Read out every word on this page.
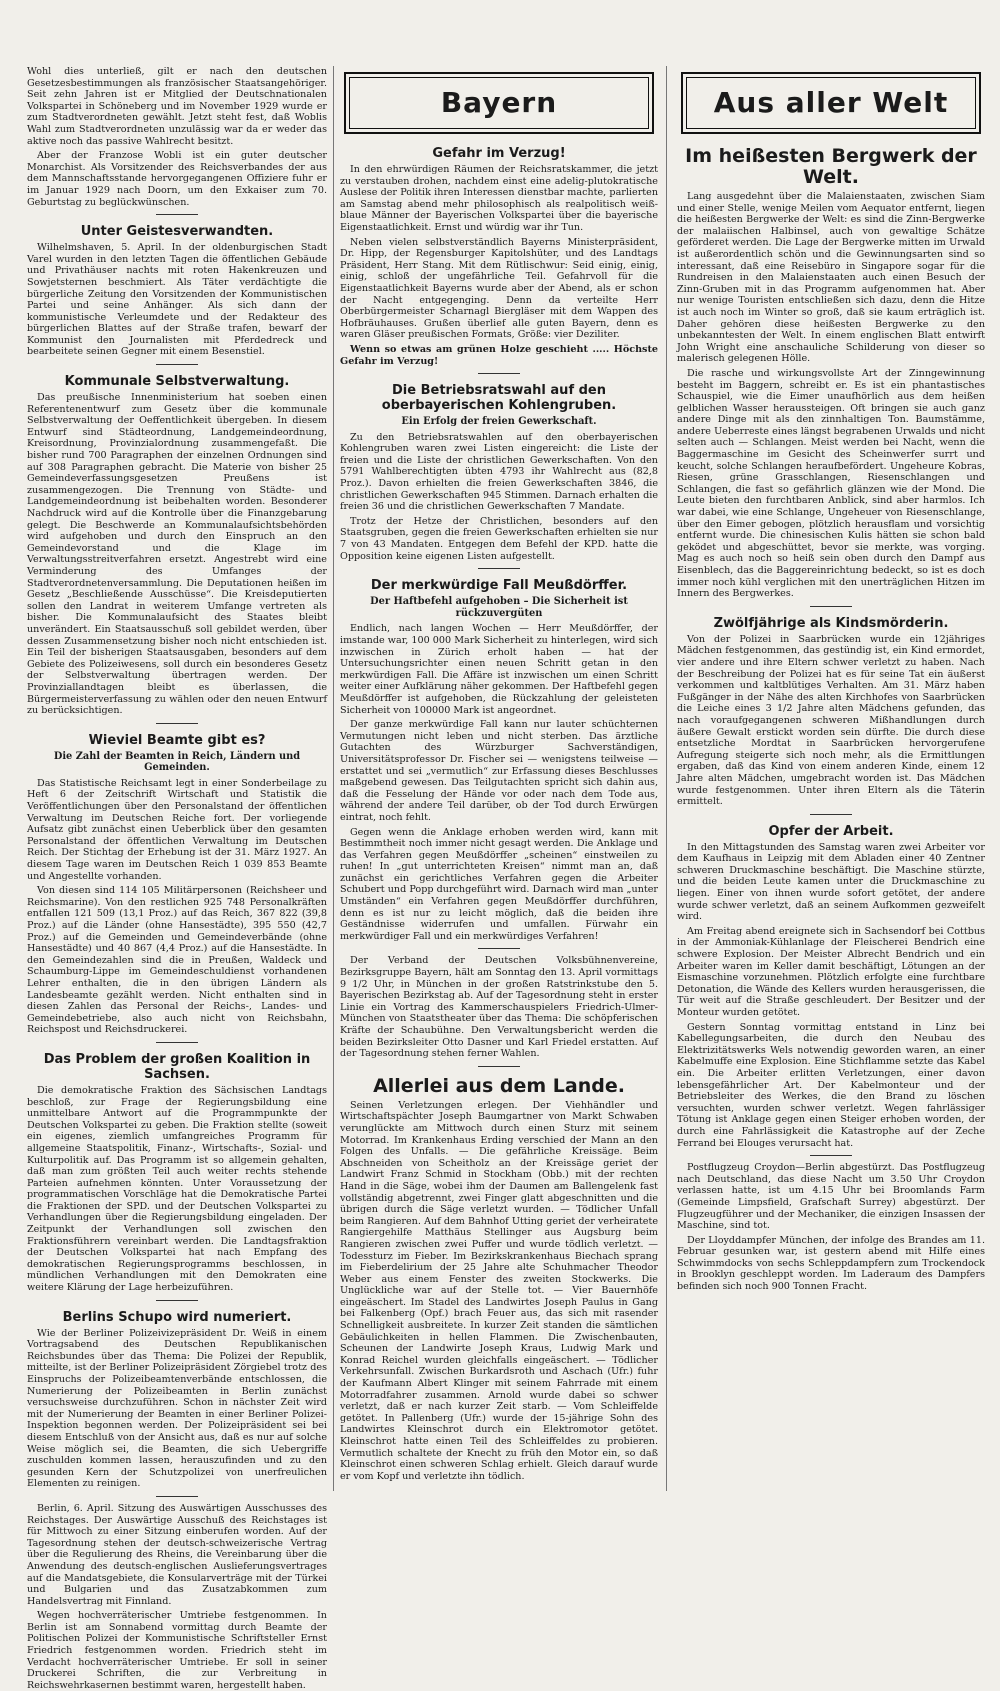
Wohl dies unterließ, gilt er nach den deutschen Gesetzesbestimmungen als französischer Staatsangehöriger. Seit zehn Jahren ist er Mitglied der Deutschnationalen Volkspartei in Schöneberg und im November 1929 wurde er zum Stadtverordneten gewählt. Jetzt steht fest, daß Woblis Wahl zum Stadtverordneten unzulässig war da er weder das aktive noch das passive Wahlrecht besitzt.

Aber der Franzose Wobli ist ein guter deutscher Monarchist. Als Vorsitzender des Reichsverbandes der aus dem Mannschaftsstande hervorgegangenen Offiziere fuhr er im Januar 1929 nach Doorn, um den Exkaiser zum 70. Geburtstag zu beglückwünschen.

Unter Geistesverwandten.

Wilhelmshaven, 5. April. In der oldenburgischen Stadt Varel wurden in den letzten Tagen die öffentlichen Gebäude und Privathäuser nachts mit roten Hakenkreuzen und Sowjetsternen beschmiert. Als Täter verdächtigte die bürgerliche Zeitung den Vorsitzenden der Kommunistischen Partei und seine Anhänger. Als sich dann der kommunistische Verleumdete und der Redakteur des bürgerlichen Blattes auf der Straße trafen, bewarf der Kommunist den Journalisten mit Pferdedreck und bearbeitete seinen Gegner mit einem Besenstiel.

Kommunale Selbstverwaltung.

Das preußische Innenministerium hat soeben einen Referentenentwurf zum Gesetz über die kommunale Selbstverwaltung der Oeffentlichkeit übergeben. In diesem Entwurf sind Städteordnung, Landgemeindeordnung, Kreisordnung, Provinzialordnung zusammengefaßt. Die bisher rund 700 Paragraphen der einzelnen Ordnungen sind auf 308 Paragraphen gebracht. Die Materie von bisher 25 Gemeindeverfassungsgesetzen Preußens ist zusammengezogen. Die Trennung von Städte- und Landgemeindeordnung ist beibehalten worden. Besonderer Nachdruck wird auf die Kontrolle über die Finanzgebarung gelegt. Die Beschwerde an Kommunalaufsichtsbehörden wird aufgehoben und durch den Einspruch an den Gemeindevorstand und die Klage im Verwaltungsstreitverfahren ersetzt. Angestrebt wird eine Verminderung des Umfanges der Stadtverordnetenversammlung. Die Deputationen heißen im Gesetz „Beschließende Ausschüsse“. Die Kreisdeputierten sollen den Landrat in weiterem Umfange vertreten als bisher. Die Kommunalaufsicht des Staates bleibt unverändert. Ein Staatsausschuß soll gebildet werden, über dessen Zusammensetzung bisher noch nicht entschieden ist. Ein Teil der bisherigen Staatsausgaben, besonders auf dem Gebiete des Polizeiwesens, soll durch ein besonderes Gesetz der Selbstverwaltung übertragen werden. Der Provinziallandtagen bleibt es überlassen, die Bürgermeisterverfassung zu wählen oder den neuen Entwurf zu berücksichtigen.

Wieviel Beamte gibt es?
Die Zahl der Beamten in Reich, Ländern und Gemeinden.

Das Statistische Reichsamt legt in einer Sonderbeilage zu Heft 6 der Zeitschrift Wirtschaft und Statistik die Veröffentlichungen über den Personalstand der öffentlichen Verwaltung im Deutschen Reiche fort. Der vorliegende Aufsatz gibt zunächst einen Ueberblick über den gesamten Personalstand der öffentlichen Verwaltung im Deutschen Reich. Der Stichtag der Erhebung ist der 31. März 1927. An diesem Tage waren im Deutschen Reich 1 039 853 Beamte und Angestellte vorhanden.

Von diesen sind 114 105 Militärpersonen (Reichsheer und Reichsmarine). Von den restlichen 925 748 Personalkräften entfallen 121 509 (13,1 Proz.) auf das Reich, 367 822 (39,8 Proz.) auf die Länder (ohne Hansestädte), 395 550 (42,7 Proz.) auf die Gemeinden und Gemeindeverbände (ohne Hansestädte) und 40 867 (4,4 Proz.) auf die Hansestädte. In den Gemeindezahlen sind die in Preußen, Waldeck und Schaumburg-Lippe im Gemeindeschuldienst vorhandenen Lehrer enthalten, die in den übrigen Ländern als Landesbeamte gezählt werden. Nicht enthalten sind in diesen Zahlen das Personal der Reichs-, Landes- und Gemeindebetriebe, also auch nicht von Reichsbahn, Reichspost und Reichsdruckerei.

Das Problem der großen Koalition in Sachsen.

Die demokratische Fraktion des Sächsischen Landtags beschloß, zur Frage der Regierungsbildung eine unmittelbare Antwort auf die Programmpunkte der Deutschen Volkspartei zu geben. Die Fraktion stellte (soweit ein eigenes, ziemlich umfangreiches Programm für allgemeine Staatspolitik, Finanz-, Wirtschafts-, Sozial- und Kulturpolitik auf. Das Programm ist so allgemein gehalten, daß man zum größten Teil auch weiter rechts stehende Parteien aufnehmen könnten. Unter Voraussetzung der programmatischen Vorschläge hat die Demokratische Partei die Fraktionen der SPD. und der Deutschen Volkspartei zu Verhandlungen über die Regierungsbildung eingeladen. Der Zeitpunkt der Verhandlungen soll zwischen den Fraktionsführern vereinbart werden. Die Landtagsfraktion der Deutschen Volkspartei hat nach Empfang des demokratischen Regierungsprogramms beschlossen, in mündlichen Verhandlungen mit den Demokraten eine weitere Klärung der Lage herbeizuführen.

Berlins Schupo wird numeriert.

Wie der Berliner Polizeivizepräsident Dr. Weiß in einem Vortragsabend des Deutschen Republikanischen Reichsbundes über das Thema: Die Polizei der Republik, mitteilte, ist der Berliner Polizeipräsident Zörgiebel trotz des Einspruchs der Polizeibeamtenverbände entschlossen, die Numerierung der Polizeibeamten in Berlin zunächst versuchsweise durchzuführen. Schon in nächster Zeit wird mit der Numerierung der Beamten in einer Berliner Polizei-Inspektion begonnen werden. Der Polizeipräsident sei bei diesem Entschluß von der Ansicht aus, daß es nur auf solche Weise möglich sei, die Beamten, die sich Uebergriffe zuschulden kommen lassen, herauszufinden und zu den gesunden Kern der Schutzpolizei von unerfreulichen Elementen zu reinigen.

Berlin, 6. April. Sitzung des Auswärtigen Ausschusses des Reichstages. Der Auswärtige Ausschuß des Reichstages ist für Mittwoch zu einer Sitzung einberufen worden. Auf der Tagesordnung stehen der deutsch-schweizerische Vertrag über die Regulierung des Rheins, die Vereinbarung über die Anwendung des deutsch-englischen Auslieferungsvertrages auf die Mandatsgebiete, die Konsularverträge mit der Türkei und Bulgarien und das Zusatzabkommen zum Handelsvertrag mit Finnland.

Wegen hochverräterischer Umtriebe festgenommen. In Berlin ist am Sonnabend vormittag durch Beamte der Politischen Polizei der Kommunistische Schriftsteller Ernst Friedrich festgenommen worden. Friedrich steht im Verdacht hochverräterischer Umtriebe. Er soll in seiner Druckerei Schriften, die zur Verbreitung in Reichswehrkasernen bestimmt waren, hergestellt haben.

Bayern
Gefahr im Verzug!

In den ehrwürdigen Räumen der Reichsratskammer, die jetzt zu verstauben drohen, nachdem einst eine adelig-plutokratische Auslese der Politik ihren Interessen dienstbar machte, parlierten am Samstag abend mehr philosophisch als realpolitisch weiß-blaue Männer der Bayerischen Volkspartei über die bayerische Eigenstaatlichkeit. Ernst und würdig war ihr Tun.

Neben vielen selbstverständlich Bayerns Ministerpräsident, Dr. Hipp, der Regensburger Kapitolshüter, und des Landtags Präsident, Herr Stang. Mit dem Rütlischwur: Seid einig, einig, einig, schloß der ungefährliche Teil. Gefahrvoll für die Eigenstaatlichkeit Bayerns wurde aber der Abend, als er schon der Nacht entgegenging. Denn da verteilte Herr Oberbürgermeister Scharnagl Biergläser mit dem Wappen des Hofbräuhauses. Grußen überlief alle guten Bayern, denn es waren Gläser preußischen Formats, Größe: vier Deziliter.

Wenn so etwas am grünen Holze geschieht ..... Höchste Gefahr im Verzug!

Die Betriebsratswahl auf den oberbayerischen Kohlengruben.
Ein Erfolg der freien Gewerkschaft.

Zu den Betriebsratswahlen auf den oberbayerischen Kohlengruben waren zwei Listen eingereicht: die Liste der freien und die Liste der christlichen Gewerkschaften. Von den 5791 Wahlberechtigten übten 4793 ihr Wahlrecht aus (82,8 Proz.). Davon erhielten die freien Gewerkschaften 3846, die christlichen Gewerkschaften 945 Stimmen. Darnach erhalten die freien 36 und die christlichen Gewerkschaften 7 Mandate.

Trotz der Hetze der Christlichen, besonders auf den Staatsgruben, gegen die freien Gewerkschaften erhielten sie nur 7 von 43 Mandaten. Entgegen dem Befehl der KPD. hatte die Opposition keine eigenen Listen aufgestellt.

Der merkwürdige Fall Meußdörffer.
Der Haftbefehl aufgehoben – Die Sicherheit ist rückzuvergüten

Endlich, nach langen Wochen — Herr Meußdörffer, der imstande war, 100 000 Mark Sicherheit zu hinterlegen, wird sich inzwischen in Zürich erholt haben — hat der Untersuchungsrichter einen neuen Schritt getan in den merkwürdigen Fall. Die Affäre ist inzwischen um einen Schritt weiter einer Aufklärung näher gekommen. Der Haftbefehl gegen Meußdörffer ist aufgehoben, die Rückzahlung der geleisteten Sicherheit von 100000 Mark ist angeordnet.

Der ganze merkwürdige Fall kann nur lauter schüchternen Vermutungen nicht leben und nicht sterben. Das ärztliche Gutachten des Würzburger Sachverständigen, Universitätsprofessor Dr. Fischer sei — wenigstens teilweise — erstattet und sei „vermutlich“ zur Erfassung dieses Beschlusses maßgebend gewesen. Das Teilgutachten spricht sich dahin aus, daß die Fesselung der Hände vor oder nach dem Tode aus, während der andere Teil darüber, ob der Tod durch Erwürgen eintrat, noch fehlt.

Gegen wenn die Anklage erhoben werden wird, kann mit Bestimmtheit noch immer nicht gesagt werden. Die Anklage und das Verfahren gegen Meußdörffer „scheinen“ einstweilen zu ruhen! In „gut unterrichteten Kreisen“ nimmt man an, daß zunächst ein gerichtliches Verfahren gegen die Arbeiter Schubert und Popp durchgeführt wird. Darnach wird man „unter Umständen“ ein Verfahren gegen Meußdörffer durchführen, denn es ist nur zu leicht möglich, daß die beiden ihre Geständnisse widerrufen und umfallen. Fürwahr ein merkwürdiger Fall und ein merkwürdiges Verfahren!

Der Verband der Deutschen Volksbühnenvereine, Bezirksgruppe Bayern, hält am Sonntag den 13. April vormittags 9 1/2 Uhr, in München in der großen Ratstrinkstube den 5. Bayerischen Bezirkstag ab. Auf der Tagesordnung steht in erster Linie ein Vortrag des Kammerschauspielers Friedrich-Ulmer-München von Staatstheater über das Thema: Die schöpferischen Kräfte der Schaubühne. Den Verwaltungsbericht werden die beiden Bezirksleiter Otto Dasner und Karl Friedel erstatten. Auf der Tagesordnung stehen ferner Wahlen.

Allerlei aus dem Lande.

Seinen Verletzungen erlegen. Der Viehhändler und Wirtschaftspächter Joseph Baumgartner von Markt Schwaben verunglückte am Mittwoch durch einen Sturz mit seinem Motorrad. Im Krankenhaus Erding verschied der Mann an den Folgen des Unfalls. — Die gefährliche Kreissäge. Beim Abschneiden von Scheitholz an der Kreissäge geriet der Landwirt Franz Schmid in Stockham (Obb.) mit der rechten Hand in die Säge, wobei ihm der Daumen am Ballengelenk fast vollständig abgetrennt, zwei Finger glatt abgeschnitten und die übrigen durch die Säge verletzt wurden. — Tödlicher Unfall beim Rangieren. Auf dem Bahnhof Utting geriet der verheiratete Rangiergehilfe Matthäus Stellinger aus Augsburg beim Rangieren zwischen zwei Puffer und wurde tödlich verletzt. — Todessturz im Fieber. Im Bezirkskrankenhaus Biechach sprang im Fieberdelirium der 25 Jahre alte Schuhmacher Theodor Weber aus einem Fenster des zweiten Stockwerks. Die Unglückliche war auf der Stelle tot. — Vier Bauernhöfe eingeäschert. Im Stadel des Landwirtes Joseph Paulus in Gang bei Falkenberg (Opf.) brach Feuer aus, das sich mit rasender Schnelligkeit ausbreitete. In kurzer Zeit standen die sämtlichen Gebäulichkeiten in hellen Flammen. Die Zwischenbauten, Scheunen der Landwirte Joseph Kraus, Ludwig Mark und Konrad Reichel wurden gleichfalls eingeäschert. — Tödlicher Verkehrsunfall. Zwischen Burkardsroth und Aschach (Ufr.) fuhr der Kaufmann Albert Klinger mit seinem Fahrrade mit einem Motorradfahrer zusammen. Arnold wurde dabei so schwer verletzt, daß er nach kurzer Zeit starb. — Vom Schleiffelde getötet. In Pallenberg (Ufr.) wurde der 15-jährige Sohn des Landwirtes Kleinschrot durch ein Elektromotor getötet. Kleinschrot hatte einen Teil des Schleiffeldes zu probieren. Vermutlich schaltete der Knecht zu früh den Motor ein, so daß Kleinschrot einen schweren Schlag erhielt. Gleich darauf wurde er vom Kopf und verletzte ihn tödlich.

Aus aller Welt
Im heißesten Bergwerk der Welt.

Lang ausgedehnt über die Malaienstaaten, zwischen Siam und einer Stelle, wenige Meilen vom Aequator entfernt, liegen die heißesten Bergwerke der Welt: es sind die Zinn-Bergwerke der malaiischen Halbinsel, auch von gewaltige Schätze geförderet werden. Die Lage der Bergwerke mitten im Urwald ist außerordentlich schön und die Gewinnungsarten sind so interessant, daß eine Reisebüro in Singapore sogar für die Rundreisen in den Malaienstaaten auch einen Besuch der Zinn-Gruben mit in das Programm aufgenommen hat. Aber nur wenige Touristen entschließen sich dazu, denn die Hitze ist auch noch im Winter so groß, daß sie kaum erträglich ist. Daher gehören diese heißesten Bergwerke zu den unbekanntesten der Welt. In einem englischen Blatt entwirft John Wright eine anschauliche Schilderung von dieser so malerisch gelegenen Hölle.

Die rasche und wirkungsvollste Art der Zinngewinnung besteht im Baggern, schreibt er. Es ist ein phantastisches Schauspiel, wie die Eimer unaufhörlich aus dem heißen gelblichen Wasser heraussteigen. Oft bringen sie auch ganz andere Dinge mit als den zinnhaltigen Ton. Baumstämme, andere Ueberreste eines längst begrabenen Urwalds und nicht selten auch — Schlangen. Meist werden bei Nacht, wenn die Baggermaschine im Gesicht des Scheinwerfer surrt und keucht, solche Schlangen heraufbefördert. Ungeheure Kobras, Riesen, grüne Grasschlangen, Riesenschlangen und Schlangen, die fast so gefährlich glänzen wie der Mond. Die Leute bieten den furchtbaren Anblick, sind aber harmlos. Ich war dabei, wie eine Schlange, Ungeheuer von Riesenschlange, über den Eimer gebogen, plötzlich herausflam und vorsichtig entfernt wurde. Die chinesischen Kulis hätten sie schon bald geködet und abgeschüttet, bevor sie merkte, was vorging. Mag es auch noch so heiß sein oben durch den Dampf aus Eisenblech, das die Baggereinrichtung bedeckt, so ist es doch immer noch kühl verglichen mit den unerträglichen Hitzen im Innern des Bergwerkes.

Zwölfjährige als Kindsmörderin.

Von der Polizei in Saarbrücken wurde ein 12jähriges Mädchen festgenommen, das gestündig ist, ein Kind ermordet, vier andere und ihre Eltern schwer verletzt zu haben. Nach der Beschreibung der Polizei hat es für seine Tat ein äußerst verkommen und kaltblütiges Verhalten. Am 31. März haben Fußgänger in der Nähe des alten Kirchhofes von Saarbrücken die Leiche eines 3 1/2 Jahre alten Mädchens gefunden, das nach voraufgegangenen schweren Mißhandlungen durch äußere Gewalt erstickt worden sein dürfte. Die durch diese entsetzliche Mordtat in Saarbrücken hervorgerufene Aufregung steigerte sich noch mehr, als die Ermittlungen ergaben, daß das Kind von einem anderen Kinde, einem 12 Jahre alten Mädchen, umgebracht worden ist. Das Mädchen wurde festgenommen. Unter ihren Eltern als die Täterin ermittelt.

Opfer der Arbeit.

In den Mittagstunden des Samstag waren zwei Arbeiter vor dem Kaufhaus in Leipzig mit dem Abladen einer 40 Zentner schweren Druckmaschine beschäftigt. Die Maschine stürzte, und die beiden Leute kamen unter die Druckmaschine zu liegen. Einer von ihnen wurde sofort getötet, der andere wurde schwer verletzt, daß an seinem Aufkommen gezweifelt wird.

Am Freitag abend ereignete sich in Sachsendorf bei Cottbus in der Ammoniak-Kühlanlage der Fleischerei Bendrich eine schwere Explosion. Der Meister Albrecht Bendrich und ein Arbeiter waren im Keller damit beschäftigt, Lötungen an der Eismaschine vorzunehmen. Plötzlich erfolgte eine furchtbare Detonation, die Wände des Kellers wurden herausgerissen, die Tür weit auf die Straße geschleudert. Der Besitzer und der Monteur wurden getötet.

Gestern Sonntag vormittag entstand in Linz bei Kabellegungsarbeiten, die durch den Neubau des Elektrizitätswerks Wels notwendig geworden waren, an einer Kabelmuffe eine Explosion. Eine Stichflamme setzte das Kabel ein. Die Arbeiter erlitten Verletzungen, einer davon lebensgefährlicher Art. Der Kabelmonteur und der Betriebsleiter des Werkes, die den Brand zu löschen versuchten, wurden schwer verletzt. Wegen fahrlässiger Tötung ist Anklage gegen einen Steiger erhoben worden, der durch eine Fahrlässigkeit die Katastrophe auf der Zeche Ferrand bei Elouges verursacht hat.

Postflugzeug Croydon—Berlin abgestürzt. Das Postflugzeug nach Deutschland, das diese Nacht um 3.50 Uhr Croydon verlassen hatte, ist um 4.15 Uhr bei Broomlands Farm (Gemeinde Limpsfield, Grafschaft Surrey) abgestürzt. Der Flugzeugführer und der Mechaniker, die einzigen Insassen der Maschine, sind tot.

Der Lloyddampfer München, der infolge des Brandes am 11. Februar gesunken war, ist gestern abend mit Hilfe eines Schwimmdocks von sechs Schleppdampfern zum Trockendock in Brooklyn geschleppt worden. Im Laderaum des Dampfers befinden sich noch 900 Tonnen Fracht.
